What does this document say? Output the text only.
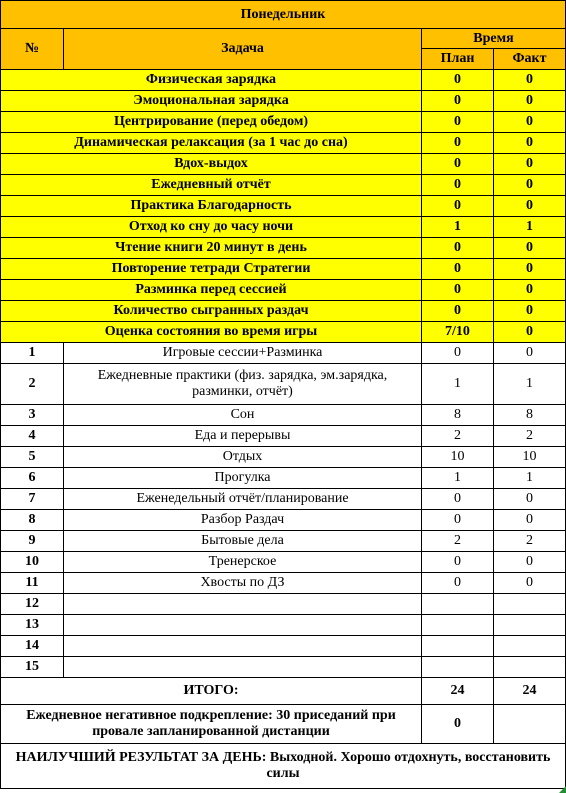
Понедельник			
№	Задача	Время	
		План	Факт
Физическая зарядка		0	0
Эмоциональная зарядка		0	0
Центрирование (перед обедом)		0	0
Динамическая релаксация (за 1 час до сна)		0	0
Вдох-выдох		0	0
Ежедневный отчёт		0	0
Практика Благодарность		0	0
Отход ко сну до часу ночи		1	1
Чтение книги 20 минут в день		0	0
Повторение тетради Стратегии		0	0
Разминка перед сессией		0	0
Количество сыгранных раздач		0	0
Оценка состояния во время игры		7/10	0
1	Игровые сессии+Разминка	0	0
2	Ежедневные практики (физ. зарядка, эм.зарядка, разминки, отчёт)	1	1
3	Сон	8	8
4	Еда и перерывы	2	2
5	Отдых	10	10
6	Прогулка	1	1
7	Еженедельный отчёт/планирование	0	0
8	Разбор Раздач	0	0
9	Бытовые дела	2	2
10	Тренерское	0	0
11	Хвосты по ДЗ	0	0
12			
13			
14			
15			
ИТОГО:		24	24
Ежедневное негативное подкрепление: 30 приседаний при провале запланированной дистанции		0	
НАИЛУЧШИЙ РЕЗУЛЬТАТ ЗА ДЕНЬ: Выходной. Хорошо отдохнуть, восстановить силы			
